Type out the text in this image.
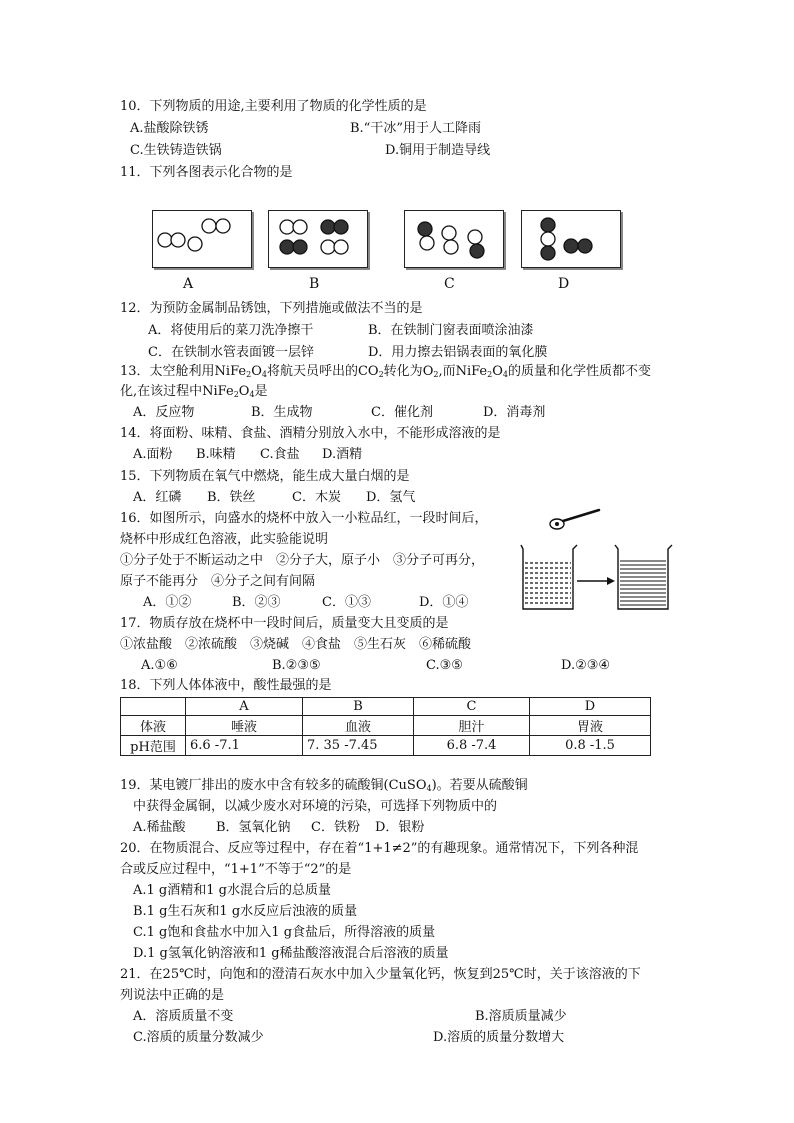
10．下列物质的用途,主要利用了物质的化学性质的是
A.盐酸除铁锈	B.“干冰”用于人工降雨
C.生铁铸造铁锅	D.铜用于制造导线
11．下列各图表示化合物的是
A	B	C	D
12．为预防金属制品锈蚀，下列措施或做法不当的是
A．将使用后的菜刀洗净擦干	B．在铁制门窗表面喷涂油漆
C．在铁制水管表面镀一层锌	D．用力擦去铝锅表面的氧化膜
13．太空舱利用$NiFe_2O_4$将航天员呼出的$CO_2$转化为$O_2$,而$NiFe_2O_4$的质量和化学性质都不变
化,在该过程中$NiFe_2O_4$是
A．反应物	B．生成物	C．催化剂	D．消毒剂
14．将面粉、味精、食盐、酒精分别放入水中，不能形成溶液的是
A.面粉 B.味精 C.食盐 D.酒精
15．下列物质在氧气中燃烧，能生成大量白烟的是
A．红磷 B．铁丝	C．木炭 D．氢气
16．如图所示，向盛水的烧杯中放入一小粒品红，一段时间后，
烧杯中形成红色溶液，此实验能说明
①分子处于不断运动之中　②分子大，原子小　③分子可再分，
原子不能再分　④分子之间有间隔
A．①②	B．②③	C．①③	D．①④
17．物质存放在烧杯中一段时间后，质量变大且变质的是
①浓盐酸　②浓硫酸　③烧碱　④食盐　⑤生石灰　⑥稀硫酸
A.①⑥	B.②③⑤	C.③⑤	D.②③④
18．下列人体体液中，酸性最强的是
	A	B	C	D
体液	唾液	血液	胆汁	胃液
pH范围	6.6 -7.1	7. 35 -7.45	6.8 -7.4	0.8 -1.5
19．某电镀厂排出的废水中含有较多的硫酸铜(CuSO$_4$)。若要从硫酸铜
中获得金属铜，以减少废水对环境的污染，可选择下列物质中的
A.稀盐酸 B．氢氧化钠 C．铁粉 D．银粉
20．在物质混合、反应等过程中，存在着“1+1≠2”的有趣现象。通常情况下，下列各种混
合或反应过程中，“1+1”不等于“2”的是
A.1 g酒精和1 g水混合后的总质量
B.1 g生石灰和1 g水反应后浊液的质量
C.1 g饱和食盐水中加入1 g食盐后，所得溶液的质量
D.1 g氢氧化钠溶液和1 g稀盐酸溶液混合后溶液的质量
21．在25℃时，向饱和的澄清石灰水中加入少量氧化钙，恢复到25℃时，关于该溶液的下
列说法中正确的是
A．溶质质量不变	B.溶质质量减少
C.溶质的质量分数减少	D.溶质的质量分数增大
